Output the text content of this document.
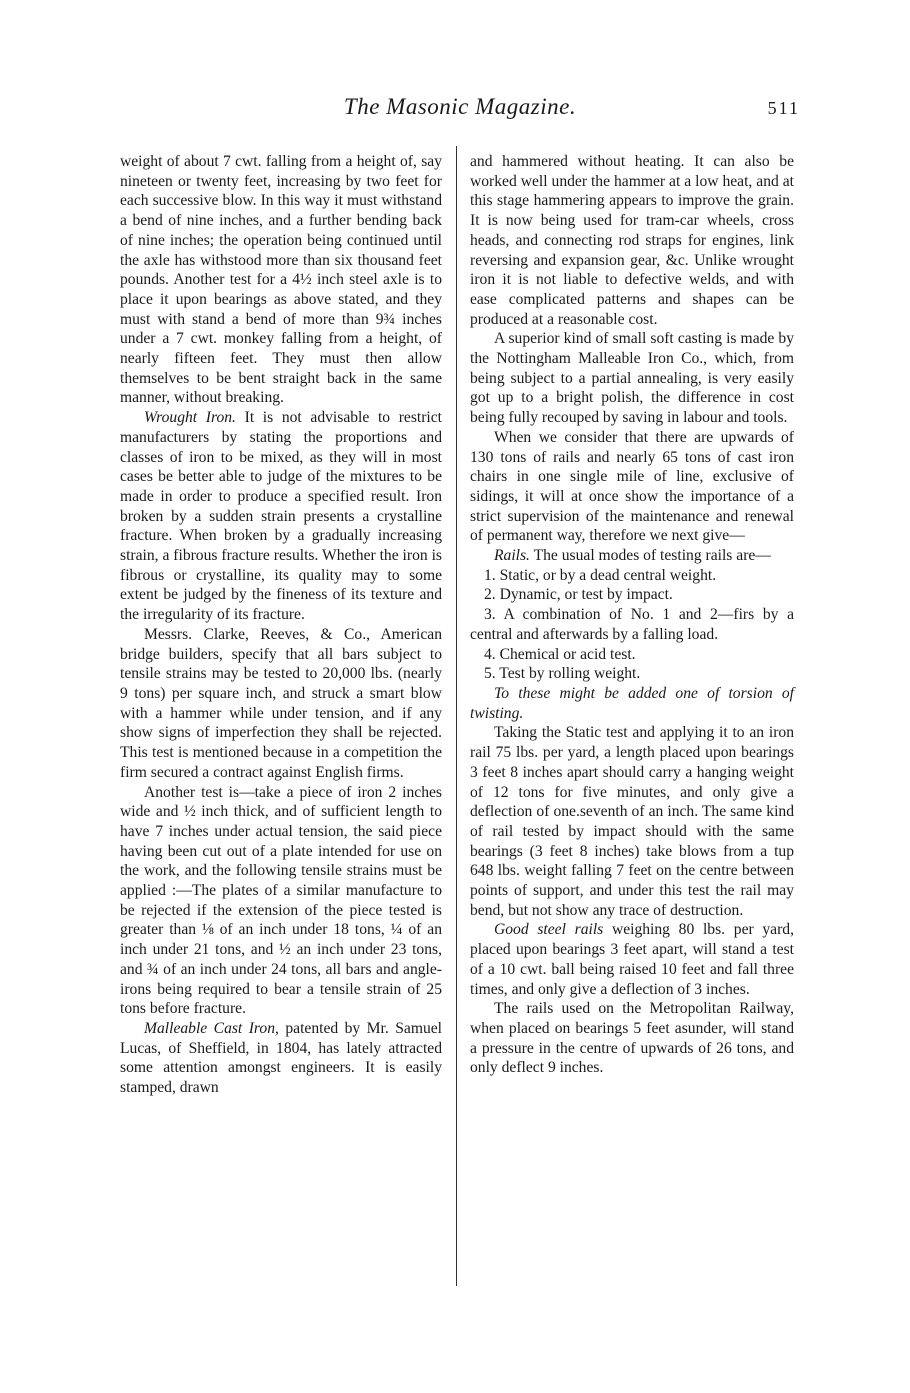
The Masonic Magazine.	511

weight of about 7 cwt. falling from a height of, say nineteen or twenty feet, increasing by two feet for each successive blow. In this way it must withstand a bend of nine inches, and a further bending back of nine inches; the operation being continued until the axle has withstood more than six thousand feet pounds. Another test for a 4½ inch steel axle is to place it upon bearings as above stated, and they must with stand a bend of more than 9¾ inches under a 7 cwt. monkey falling from a height, of nearly fifteen feet. They must then allow themselves to be bent straight back in the same manner, without breaking.

Wrought Iron. It is not advisable to restrict manufacturers by stating the proportions and classes of iron to be mixed, as they will in most cases be better able to judge of the mixtures to be made in order to produce a specified result. Iron broken by a sudden strain presents a crystalline fracture. When broken by a gradually increasing strain, a fibrous fracture results. Whether the iron is fibrous or crystalline, its quality may to some extent be judged by the fineness of its texture and the irregularity of its fracture.

Messrs. Clarke, Reeves, & Co., American bridge builders, specify that all bars subject to tensile strains may be tested to 20,000 lbs. (nearly 9 tons) per square inch, and struck a smart blow with a hammer while under tension, and if any show signs of imperfection they shall be rejected. This test is mentioned because in a competition the firm secured a contract against English firms.

Another test is—take a piece of iron 2 inches wide and ½ inch thick, and of sufficient length to have 7 inches under actual tension, the said piece having been cut out of a plate intended for use on the work, and the following tensile strains must be applied :—The plates of a similar manufacture to be rejected if the extension of the piece tested is greater than ⅛ of an inch under 18 tons, ¼ of an inch under 21 tons, and ½ an inch under 23 tons, and ¾ of an inch under 24 tons, all bars and angle-irons being required to bear a tensile strain of 25 tons before fracture.

Malleable Cast Iron, patented by Mr. Samuel Lucas, of Sheffield, in 1804, has lately attracted some attention amongst engineers. It is easily stamped, drawn

and hammered without heating. It can also be worked well under the hammer at a low heat, and at this stage hammering appears to improve the grain. It is now being used for tram-car wheels, cross heads, and connecting rod straps for engines, link reversing and expansion gear, &c. Unlike wrought iron it is not liable to defective welds, and with ease complicated patterns and shapes can be produced at a reasonable cost.

A superior kind of small soft casting is made by the Nottingham Malleable Iron Co., which, from being subject to a partial annealing, is very easily got up to a bright polish, the difference in cost being fully recouped by saving in labour and tools.

When we consider that there are upwards of 130 tons of rails and nearly 65 tons of cast iron chairs in one single mile of line, exclusive of sidings, it will at once show the importance of a strict supervision of the maintenance and renewal of permanent way, therefore we next give—

Rails. The usual modes of testing rails are—

1. Static, or by a dead central weight.

2. Dynamic, or test by impact.

3. A combination of No. 1 and 2—firs by a central and afterwards by a falling load.

4. Chemical or acid test.

5. Test by rolling weight.

To these might be added one of torsion of twisting.

Taking the Static test and applying it to an iron rail 75 lbs. per yard, a length placed upon bearings 3 feet 8 inches apart should carry a hanging weight of 12 tons for five minutes, and only give a deflection of one.seventh of an inch. The same kind of rail tested by impact should with the same bearings (3 feet 8 inches) take blows from a tup 648 lbs. weight falling 7 feet on the centre between points of support, and under this test the rail may bend, but not show any trace of destruction.

Good steel rails weighing 80 lbs. per yard, placed upon bearings 3 feet apart, will stand a test of a 10 cwt. ball being raised 10 feet and fall three times, and only give a deflection of 3 inches.

The rails used on the Metropolitan Railway, when placed on bearings 5 feet asunder, will stand a pressure in the centre of upwards of 26 tons, and only deflect 9 inches.
